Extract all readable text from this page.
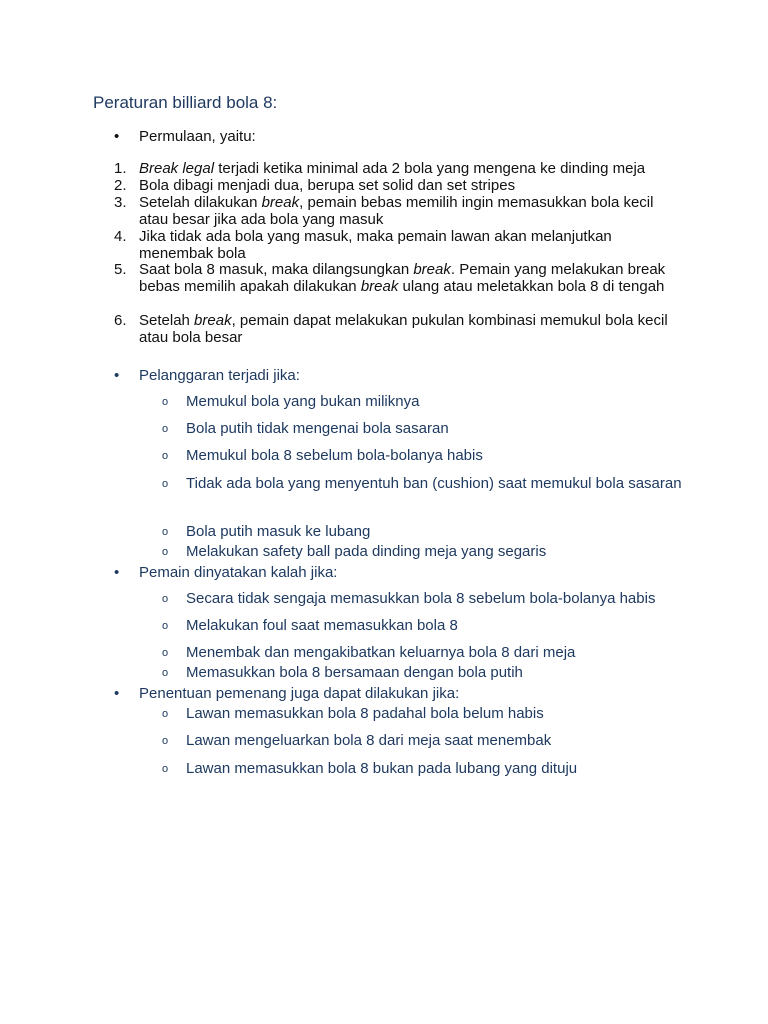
Peraturan billiard bola 8:
•	Permulaan, yaitu:
1. Break legal terjadi ketika minimal ada 2 bola yang mengena ke dinding meja
2. Bola dibagi menjadi dua, berupa set solid dan set stripes
3. Setelah dilakukan break, pemain bebas memilih ingin memasukkan bola kecil atau besar jika ada bola yang masuk
4. Jika tidak ada bola yang masuk, maka pemain lawan akan melanjutkan menembak bola
5. Saat bola 8 masuk, maka dilangsungkan break. Pemain yang melakukan break bebas memilih apakah dilakukan break ulang atau meletakkan bola 8 di tengah
6. Setelah break, pemain dapat melakukan pukulan kombinasi memukul bola kecil atau bola besar
•	Pelanggaran terjadi jika:
o Memukul bola yang bukan miliknya
o Bola putih tidak mengenai bola sasaran
o Memukul bola 8 sebelum bola-bolanya habis
o Tidak ada bola yang menyentuh ban (cushion) saat memukul bola sasaran
o Bola putih masuk ke lubang
o Melakukan safety ball pada dinding meja yang segaris
•	Pemain dinyatakan kalah jika:
o Secara tidak sengaja memasukkan bola 8 sebelum bola-bolanya habis
o Melakukan foul saat memasukkan bola 8
o Menembak dan mengakibatkan keluarnya bola 8 dari meja
o Memasukkan bola 8 bersamaan dengan bola putih
•	Penentuan pemenang juga dapat dilakukan jika:
o Lawan memasukkan bola 8 padahal bola belum habis
o Lawan mengeluarkan bola 8 dari meja saat menembak
o Lawan memasukkan bola 8 bukan pada lubang yang dituju
